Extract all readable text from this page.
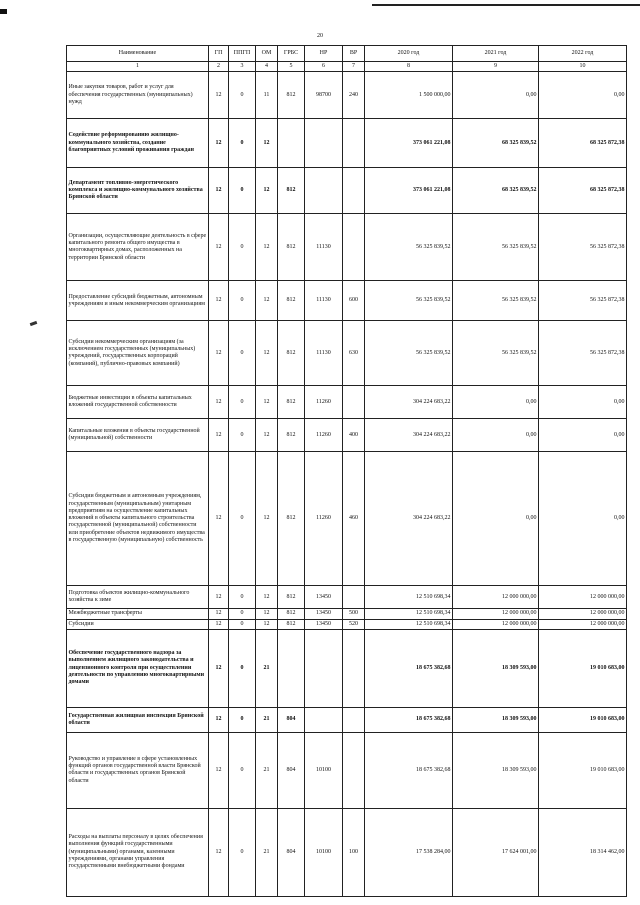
20
Наименование	ГП	ППГП	ОМ	ГРБС	НР	ВР	2020 год	2021 год	2022 год
1	2	3	4	5	6	7	8	9	10
Иные закупки товаров, работ и услуг для обеспечения государственных (муниципальных) нужд	12	0	11	812	98700	240	1 500 000,00	0,00	0,00
Содействие реформированию жилищно-коммунального хозяйства, создание благоприятных условий проживания граждан	12	0	12				373 061 221,08	68 325 839,52	68 325 872,38
Департамент топливно-энергетического комплекса и жилищно-коммунального хозяйства Брянской области	12	0	12	812			373 061 221,08	68 325 839,52	68 325 872,38
Организации, осуществляющие деятельность в сфере капитального ремонта общего имущества в многоквартирных домах, расположенных на территории Брянской области	12	0	12	812	11130		56 325 839,52	56 325 839,52	56 325 872,38
Предоставление субсидий бюджетным, автономным учреждениям и иным некоммерческим организациям	12	0	12	812	11130	600	56 325 839,52	56 325 839,52	56 325 872,38
Субсидии некоммерческим организациям (за исключением государственных (муниципальных) учреждений, государственных корпораций (компаний), публично-правовых компаний)	12	0	12	812	11130	630	56 325 839,52	56 325 839,52	56 325 872,38
Бюджетные инвестиции в объекты капитальных вложений государственной собственности	12	0	12	812	11260		304 224 683,22	0,00	0,00
Капитальные вложения в объекты государственной (муниципальной) собственности	12	0	12	812	11260	400	304 224 683,22	0,00	0,00
Субсидии бюджетным и автономным учреждениям, государственным (муниципальным) унитарным предприятиям на осуществление капитальных вложений в объекты капитального строительства государственной (муниципальной) собственности или приобретение объектов недвижимого имущества в государственную (муниципальную) собственность	12	0	12	812	11260	460	304 224 683,22	0,00	0,00
Подготовка объектов жилищно-коммунального хозяйства к зиме	12	0	12	812	13450		12 510 698,34	12 000 000,00	12 000 000,00
Межбюджетные трансферты	12	0	12	812	13450	500	12 510 698,34	12 000 000,00	12 000 000,00
Субсидии	12	0	12	812	13450	520	12 510 698,34	12 000 000,00	12 000 000,00
Обеспечение государственного надзора за выполнением жилищного законодательства и лицензионного контроля при осуществлении деятельности по управлению многоквартирными домами	12	0	21				18 675 382,68	18 309 593,00	19 010 683,00
Государственная жилищная инспекция Брянской области	12	0	21	804			18 675 382,68	18 309 593,00	19 010 683,00
Руководство и управление в сфере установленных функций органов государственной власти Брянской области и государственных органов Брянской области	12	0	21	804	10100		18 675 382,68	18 309 593,00	19 010 683,00
Расходы на выплаты персоналу в целях обеспечения выполнения функций государственными (муниципальными) органами, казенными учреждениями, органами управления государственными внебюджетными фондами	12	0	21	804	10100	100	17 538 284,00	17 624 001,00	18 314 462,00
